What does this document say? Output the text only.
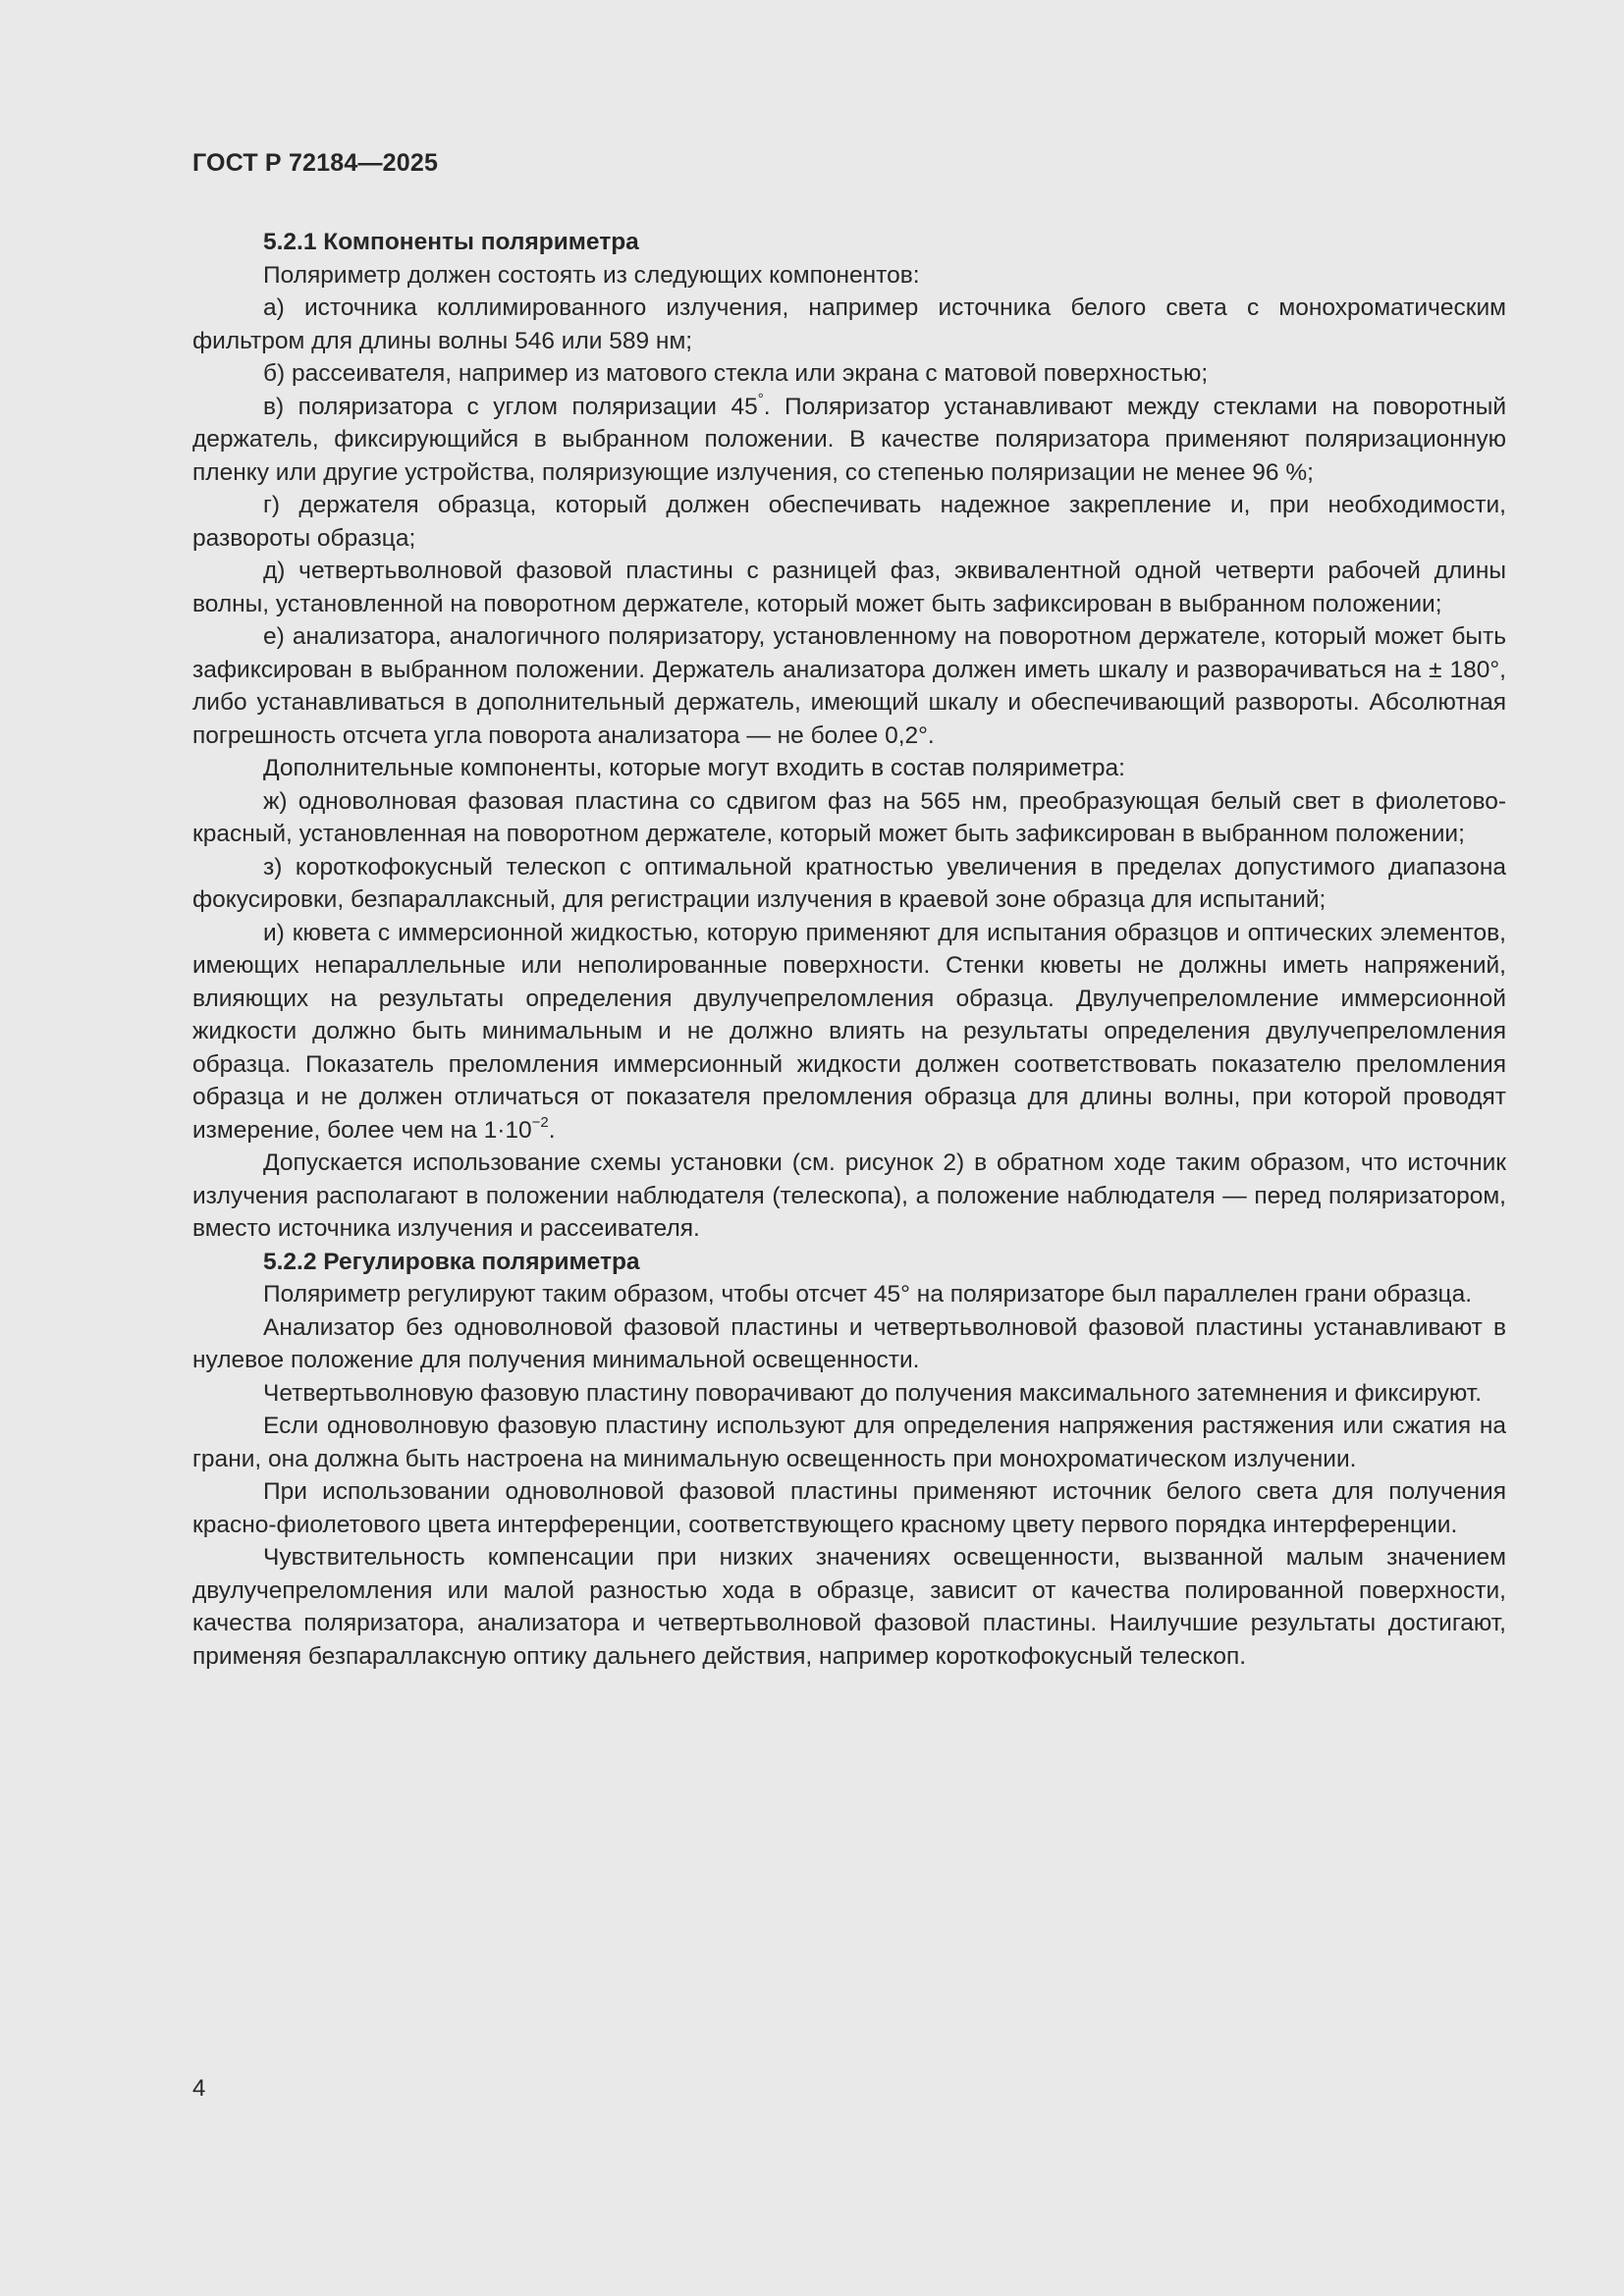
ГОСТ Р 72184—2025

5.2.1 Компоненты поляриметра

Поляриметр должен состоять из следующих компонентов:

а) источника коллимированного излучения, например источника белого света с монохроматическим фильтром для длины волны 546 или 589 нм;

б) рассеивателя, например из матового стекла или экрана с матовой поверхностью;

в) поляризатора с углом поляризации 45°. Поляризатор устанавливают между стеклами на поворотный держатель, фиксирующийся в выбранном положении. В качестве поляризатора применяют поляризационную пленку или другие устройства, поляризующие излучения, со степенью поляризации не менее 96 %;

г) держателя образца, который должен обеспечивать надежное закрепление и, при необходимости, развороты образца;

д) четвертьволновой фазовой пластины с разницей фаз, эквивалентной одной четверти рабочей длины волны, установленной на поворотном держателе, который может быть зафиксирован в выбранном положении;

е) анализатора, аналогичного поляризатору, установленному на поворотном держателе, который может быть зафиксирован в выбранном положении. Держатель анализатора должен иметь шкалу и разворачиваться на ± 180°, либо устанавливаться в дополнительный держатель, имеющий шкалу и обеспечивающий развороты. Абсолютная погрешность отсчета угла поворота анализатора — не более 0,2°.

Дополнительные компоненты, которые могут входить в состав поляриметра:

ж) одноволновая фазовая пластина со сдвигом фаз на 565 нм, преобразующая белый свет в фиолетово-красный, установленная на поворотном держателе, который может быть зафиксирован в выбранном положении;

з) короткофокусный телескоп с оптимальной кратностью увеличения в пределах допустимого диапазона фокусировки, безпараллаксный, для регистрации излучения в краевой зоне образца для испытаний;

и) кювета с иммерсионной жидкостью, которую применяют для испытания образцов и оптических элементов, имеющих непараллельные или неполированные поверхности. Стенки кюветы не должны иметь напряжений, влияющих на результаты определения двулучепреломления образца. Двулучепреломление иммерсионной жидкости должно быть минимальным и не должно влиять на результаты определения двулучепреломления образца. Показатель преломления иммерсионный жидкости должен соответствовать показателю преломления образца и не должен отличаться от показателя преломления образца для длины волны, при которой проводят измерение, более чем на $1\cdot 10^{-2}$.

Допускается использование схемы установки (см. рисунок 2) в обратном ходе таким образом, что источник излучения располагают в положении наблюдателя (телескопа), а положение наблюдателя — перед поляризатором, вместо источника излучения и рассеивателя.

5.2.2 Регулировка поляриметра

Поляриметр регулируют таким образом, чтобы отсчет 45° на поляризаторе был параллелен грани образца.

Анализатор без одноволновой фазовой пластины и четвертьволновой фазовой пластины устанавливают в нулевое положение для получения минимальной освещенности.

Четвертьволновую фазовую пластину поворачивают до получения максимального затемнения и фиксируют.

Если одноволновую фазовую пластину используют для определения напряжения растяжения или сжатия на грани, она должна быть настроена на минимальную освещенность при монохроматическом излучении.

При использовании одноволновой фазовой пластины применяют источник белого света для получения красно-фиолетового цвета интерференции, соответствующего красному цвету первого порядка интерференции.

Чувствительность компенсации при низких значениях освещенности, вызванной малым значением двулучепреломления или малой разностью хода в образце, зависит от качества полированной поверхности, качества поляризатора, анализатора и четвертьволновой фазовой пластины. Наилучшие результаты достигают, применяя безпараллаксную оптику дальнего действия, например короткофокусный телескоп.

4
